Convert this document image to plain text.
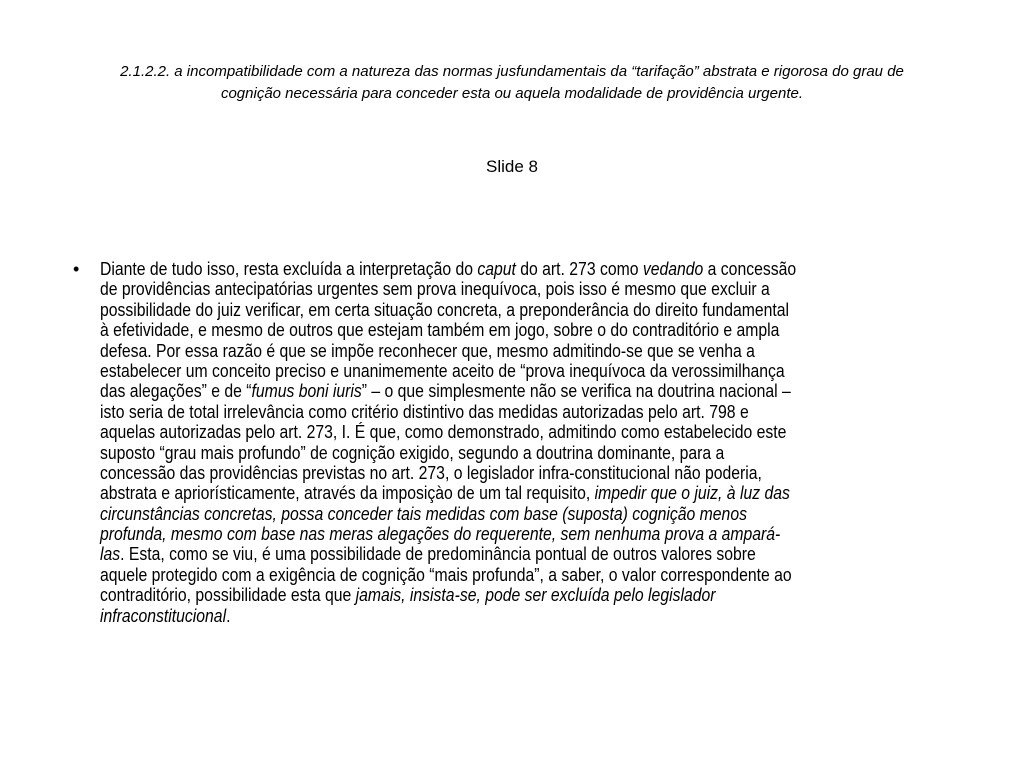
2.1.2.2. a incompatibilidade com a natureza das normas jusfundamentais da “tarifação” abstrata e rigorosa do grau de
cognição necessária para conceder esta ou aquela modalidade de providência urgente.
Slide 8
• Diante de tudo isso, resta excluída a interpretação do caput do art. 273 como vedando a concessão
de providências antecipatórias urgentes sem prova inequívoca, pois isso é mesmo que excluir a
possibilidade do juiz verificar, em certa situação concreta, a preponderância do direito fundamental
à efetividade, e mesmo de outros que estejam também em jogo, sobre o do contraditório e ampla
defesa. Por essa razão é que se impõe reconhecer que, mesmo admitindo-se que se venha a
estabelecer um conceito preciso e unanimemente aceito de “prova inequívoca da verossimilhança
das alegações” e de “fumus boni iuris” – o que simplesmente não se verifica na doutrina nacional –
isto seria de total irrelevância como critério distintivo das medidas autorizadas pelo art. 798 e
aquelas autorizadas pelo art. 273, I. É que, como demonstrado, admitindo como estabelecido este
suposto “grau mais profundo” de cognição exigido, segundo a doutrina dominante, para a
concessão das providências previstas no art. 273, o legislador infra-constitucional não poderia,
abstrata e apriorísticamente, através da imposiçào de um tal requisito, impedir que o juiz, à luz das
circunstâncias concretas, possa conceder tais medidas com base (suposta) cognição menos
profunda, mesmo com base nas meras alegações do requerente, sem nenhuma prova a ampará-
las. Esta, como se viu, é uma possibilidade de predominância pontual de outros valores sobre
aquele protegido com a exigência de cognição “mais profunda”, a saber, o valor correspondente ao
contraditório, possibilidade esta que jamais, insista-se, pode ser excluída pelo legislador
infraconstitucional.
